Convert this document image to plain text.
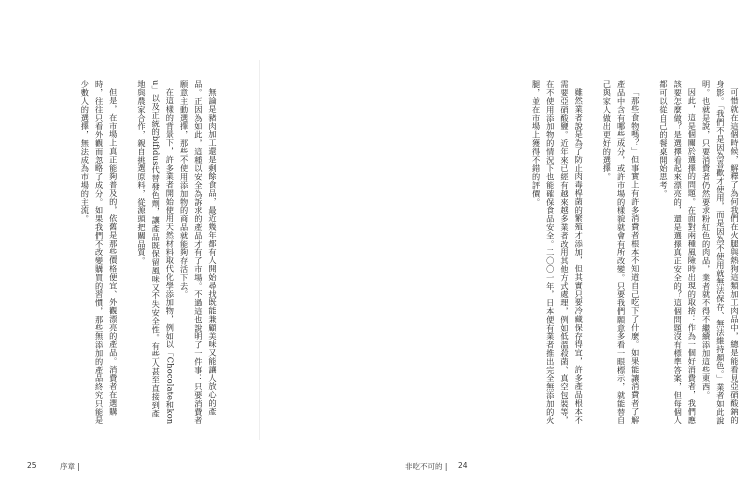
無論是豬肉加工還是剩餘食品，最近幾年都有人開始尋找既能兼顧美味又能讓人放心的產品。正因為如此，這種以安全為訴求的產品才有了市場。不過這也說明了一件事：只要消費者願意主動選擇，那些不使用添加物的商品就能夠存活下去。

在這樣的背景下，許多業者開始使用天然材料取代化學添加物，例如以「Chocolate和konu」以及正統的bifidus代替發色劑，讓產品既保留風味又不失安全性。有些人甚至直接到產地與農家合作，親自挑選原料，從源頭把關品質。

但是，在市場上真正能夠普及的，依舊是那些價格便宜、外觀漂亮的產品。消費者在選購時，往往只看外觀而忽略了成分。如果我們不改變購買的習慣，那些無添加的產品終究只能是少數人的選擇，無法成為市場的主流。	可惜就在這個時候，解釋了為何我們在火腿與熱狗這類加工肉品中，總是能看見亞硝酸鈉的身影。「我們不是因為喜歡才使用，而是因為不使用就無法保存、無法維持顏色。」業者如此說明。也就是說，只要消費者仍然要求粉紅色的肉品，業者就不得不繼續添加這些東西。

因此，這是個關於選擇的問題。在面對兩種風險時出現的取捨：作為一個好消費者，我們應該要怎麼做？是選擇看起來漂亮的，還是選擇真正安全的？這個問題沒有標準答案，但每個人都可以從自己的餐桌開始思考。

「那些食物嗎？」但事實上有許多消費者根本不知道自己吃下了什麼。如果能讓消費者了解產品中含有哪些成分，或許市場的樣貌就會有所改變。只要我們願意多看一眼標示，就能替自己與家人做出更好的選擇。

雖然業者說是為了防止肉毒桿菌的繁殖才添加，但其實只要冷藏保存得宜，許多產品根本不需要亞硝酸鹽。近年來已經有越來越多業者改用其他方式處理，例如低溫殺菌、真空包裝等，在不使用添加物的情況下也能確保食品安全。二〇〇一年，日本便有業者推出完全無添加的火腿，並在市場上獲得不錯的評價。

25	序章 |	非吃不可的 | 24
